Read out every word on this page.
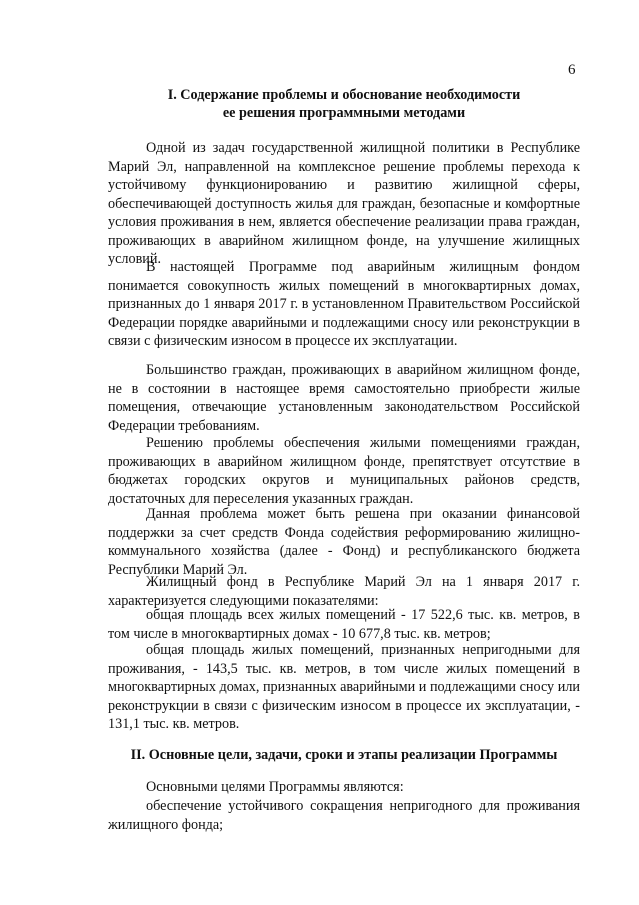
6
I. Содержание проблемы и обоснование необходимости
ее решения программными методами

Одной из задач государственной жилищной политики в Республике Марий Эл, направленной на комплексное решение проблемы перехода к устойчивому функционированию и развитию жилищной сферы, обеспечивающей доступность жилья для граждан, безопасные и комфортные условия проживания в нем, является обеспечение реализации права граждан, проживающих в аварийном жилищном фонде, на улучшение жилищных условий.

В настоящей Программе под аварийным жилищным фондом понимается совокупность жилых помещений в многоквартирных домах, признанных до 1 января 2017 г. в установленном Правительством Российской Федерации порядке аварийными и подлежащими сносу или реконструкции в связи с физическим износом в процессе их эксплуатации.

Большинство граждан, проживающих в аварийном жилищном фонде, не в состоянии в настоящее время самостоятельно приобрести жилые помещения, отвечающие установленным законодательством Российской Федерации требованиям.

Решению проблемы обеспечения жилыми помещениями граждан, проживающих в аварийном жилищном фонде, препятствует отсутствие в бюджетах городских округов и муниципальных районов средств, достаточных для переселения указанных граждан.

Данная проблема может быть решена при оказании финансовой поддержки за счет средств Фонда содействия реформированию жилищно-коммунального хозяйства (далее - Фонд) и республиканского бюджета Республики Марий Эл.

Жилищный фонд в Республике Марий Эл на 1 января 2017 г. характеризуется следующими показателями:

общая площадь всех жилых помещений - 17 522,6 тыс. кв. метров, в том числе в многоквартирных домах - 10 677,8 тыс. кв. метров;

общая площадь жилых помещений, признанных непригодными для проживания, - 143,5 тыс. кв. метров, в том числе жилых помещений в многоквартирных домах, признанных аварийными и подлежащими сносу или реконструкции в связи с физическим износом в процессе их эксплуатации, - 131,1 тыс. кв. метров.

II. Основные цели, задачи, сроки и этапы реализации Программы

Основными целями Программы являются:

обеспечение устойчивого сокращения непригодного для проживания жилищного фонда;
